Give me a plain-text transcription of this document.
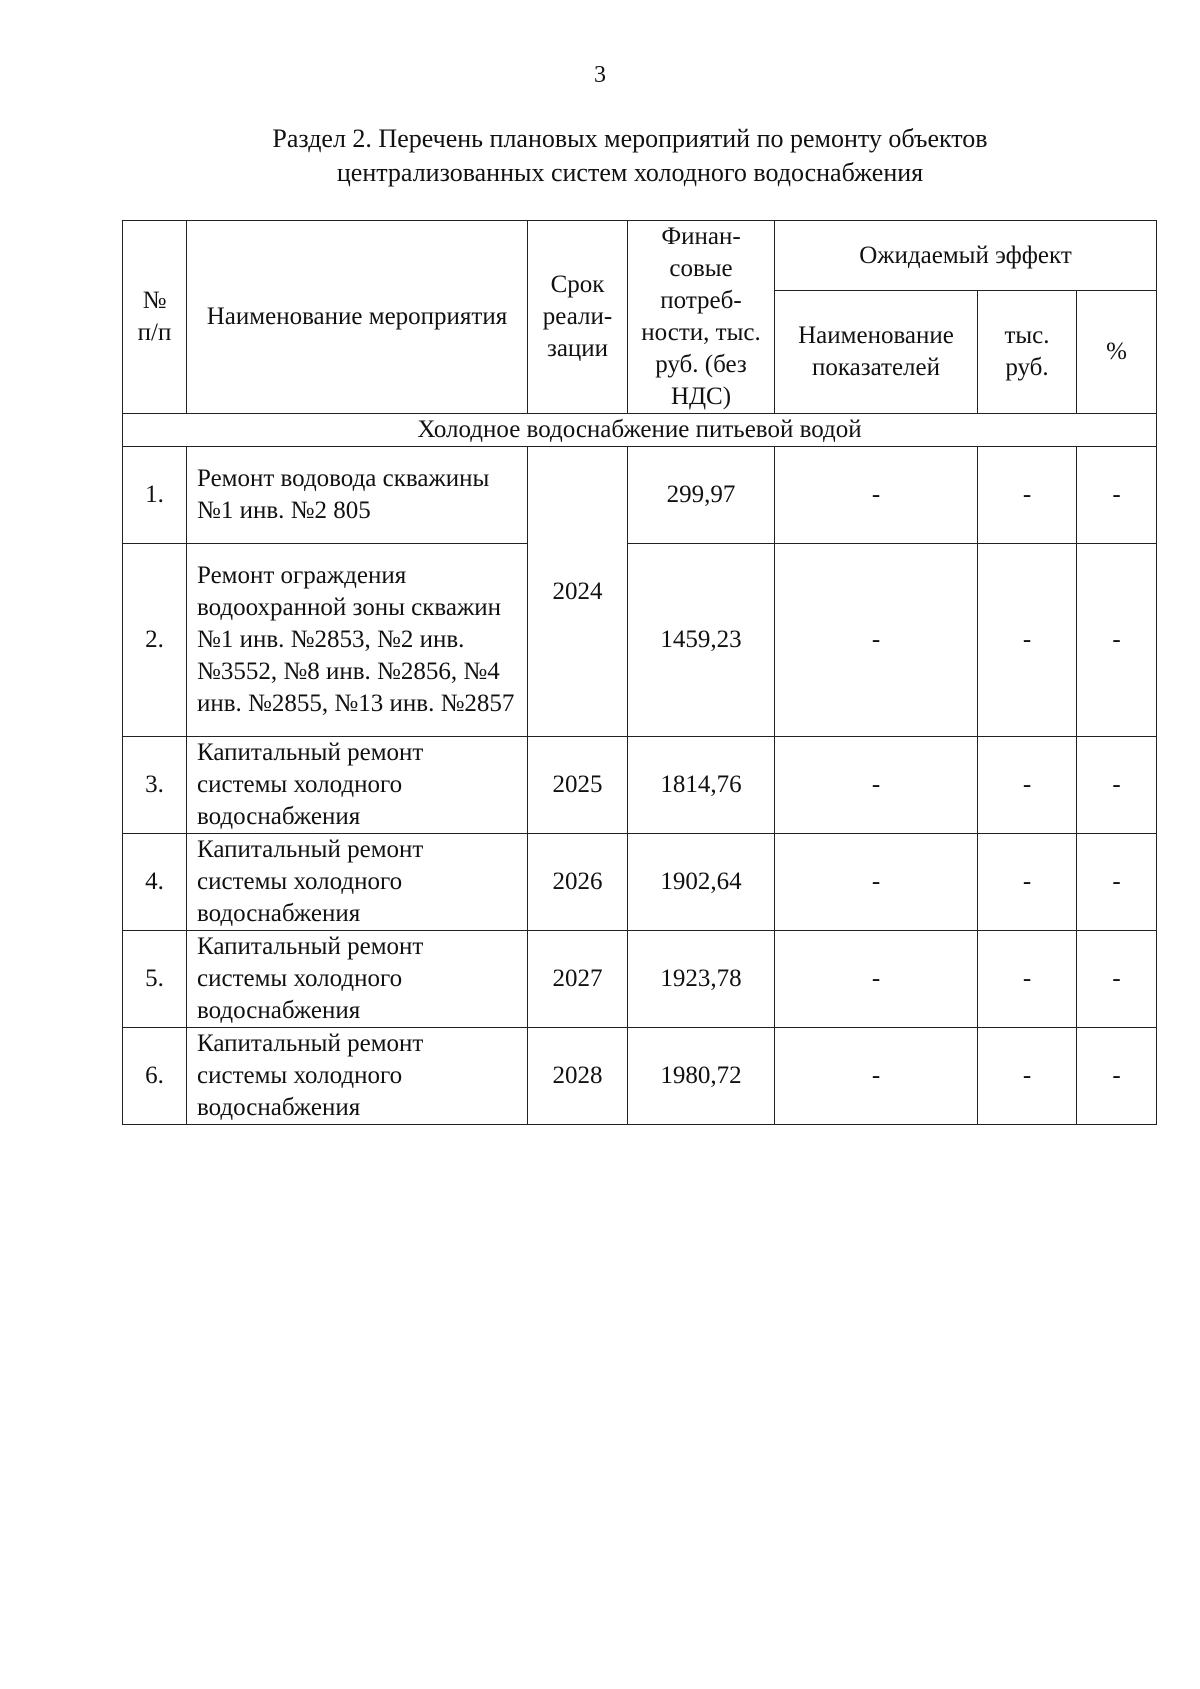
3
Раздел 2. Перечень плановых мероприятий по ремонту объектов
централизованных систем холодного водоснабжения
№ п/п	Наименование мероприятия	Срок реали- зации	Финан- совые потреб- ности, тыс. руб. (без НДС)	Ожидаемый эффект		
				Наименование показателей	тыс. руб.	%
Холодное водоснабжение питьевой водой						
1.	Ремонт водовода скважины №1 инв. №2 805	2024	299,97	-	-	-
2.	Ремонт ограждения водоохранной зоны скважин №1 инв. №2853, №2 инв. №3552, №8 инв. №2856, №4 инв. №2855, №13 инв. №2857		1459,23	-	-	-
3.	Капитальный ремонт системы холодного водоснабжения	2025	1814,76	-	-	-
4.	Капитальный ремонт системы холодного водоснабжения	2026	1902,64	-	-	-
5.	Капитальный ремонт системы холодного водоснабжения	2027	1923,78	-	-	-
6.	Капитальный ремонт системы холодного водоснабжения	2028	1980,72	-	-	-
